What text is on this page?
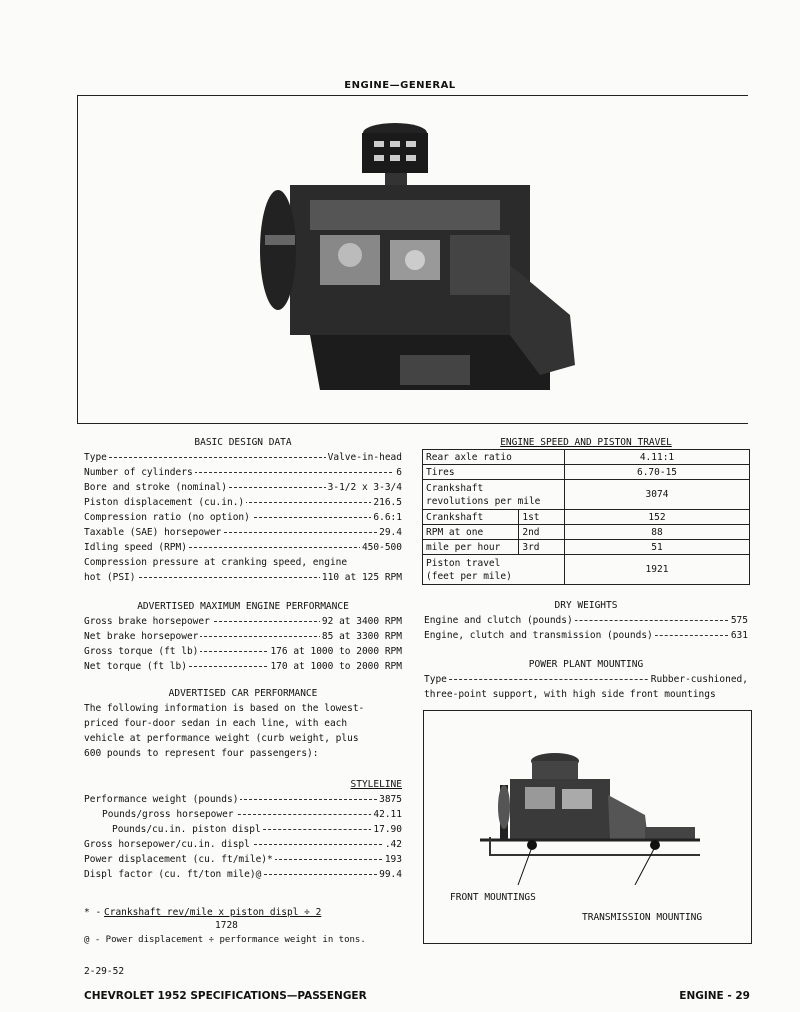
ENGINE—GENERAL
BASIC DESIGN DATA
Type	Valve-in-head
Number of cylinders	6
Bore and stroke (nominal)	3-1/2 x 3-3/4
Piston displacement (cu.in.)	216.5
Compression ratio (no option)	6.6:1
Taxable (SAE) horsepower	29.4
Idling speed (RPM)	450-500
Compression pressure at cranking speed, engine
hot (PSI)	110 at 125 RPM
ADVERTISED MAXIMUM ENGINE PERFORMANCE
Gross brake horsepower	92 at 3400 RPM
Net brake horsepower	85 at 3300 RPM
Gross torque (ft lb)	176 at 1000 to 2000 RPM
Net torque (ft lb)	170 at 1000 to 2000 RPM
ADVERTISED CAR PERFORMANCE
The following information is based on the lowest-
priced four-door sedan in each line, with each
vehicle at performance weight (curb weight, plus
600 pounds to represent four passengers):
STYLELINE
Performance weight (pounds)	3875
Pounds/gross horsepower	42.11
Pounds/cu.in. piston displ	17.90
Gross horsepower/cu.in. displ	.42
Power displacement (cu. ft/mile)*	193
Displ factor (cu. ft/ton mile)@	99.4
* - Crankshaft rev/mile x piston displ ÷ 2
1728
@ - Power displacement ÷ performance weight in tons.
ENGINE SPEED AND PISTON TRAVEL
Rear axle ratio		4.11:1
Tires		6.70-15

Crankshaft
revolutions per mile		3074
Crankshaft	1st	152
RPM at one	2nd	88
mile per hour	3rd	51

Piston travel
(feet per mile)		1921
DRY WEIGHTS
Engine and clutch (pounds)	575
Engine, clutch and transmission (pounds)	631
POWER PLANT MOUNTING
Type	Rubber-cushioned,
three-point support, with high side front mountings
FRONT MOUNTINGS
TRANSMISSION MOUNTING
2-29-52
CHEVROLET 1952 SPECIFICATIONS—PASSENGER	ENGINE - 29
